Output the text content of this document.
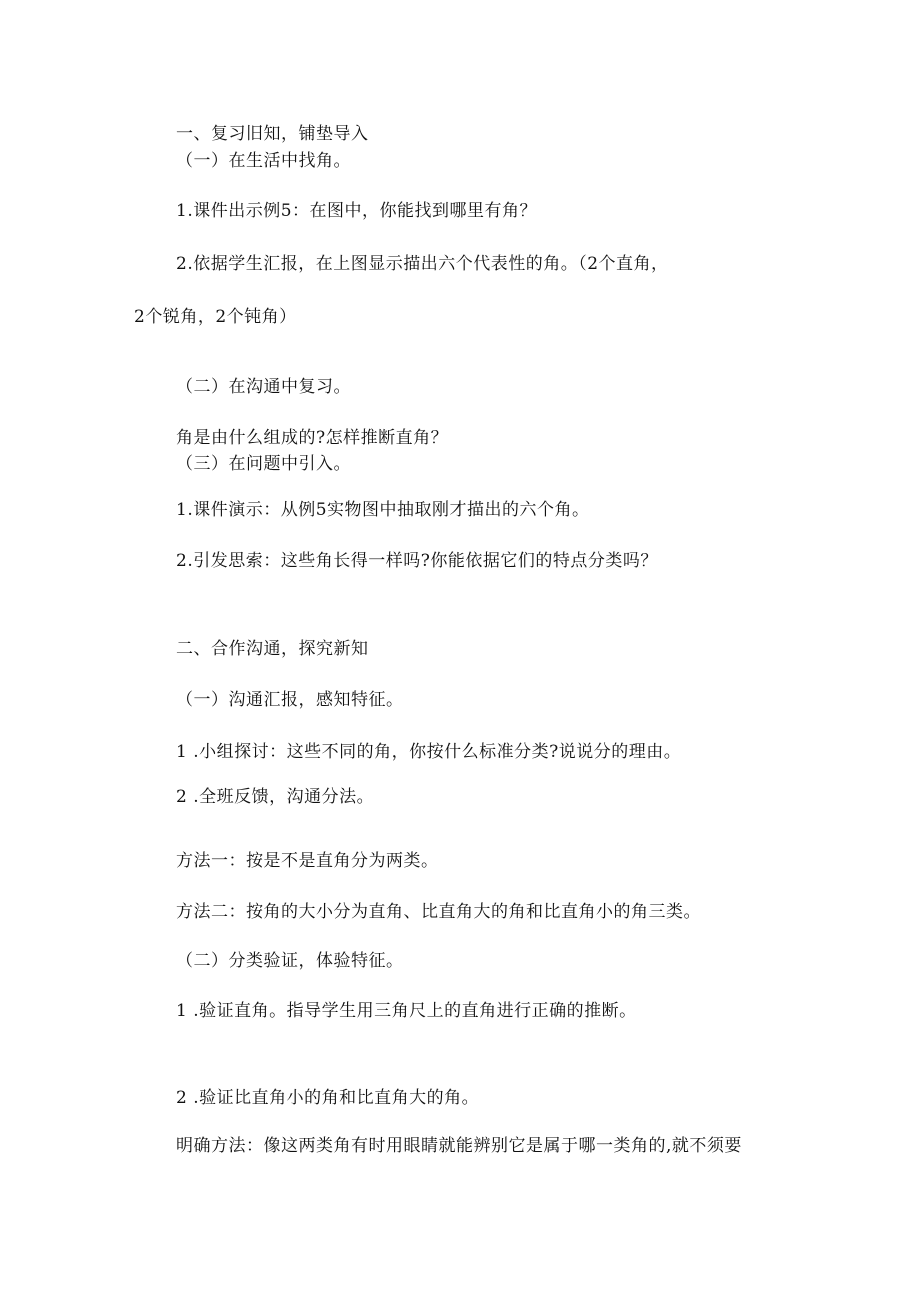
一、复习旧知，铺垫导入
（一）在生活中找角。
1.课件出示例5：在图中，你能找到哪里有角？
2.依据学生汇报，在上图显示描出六个代表性的角。（2个直角，
2个锐角，2个钝角）
（二）在沟通中复习。
角是由什么组成的?怎样推断直角？
（三）在问题中引入。
1.课件演示：从例5实物图中抽取刚才描出的六个角。
2.引发思索：这些角长得一样吗?你能依据它们的特点分类吗？
二、合作沟通，探究新知
（一）沟通汇报，感知特征。
1 .小组探讨：这些不同的角，你按什么标准分类?说说分的理由。
2 .全班反馈，沟通分法。
方法一：按是不是直角分为两类。
方法二：按角的大小分为直角、比直角大的角和比直角小的角三类。
（二）分类验证，体验特征。
1 .验证直角。指导学生用三角尺上的直角进行正确的推断。
2 .验证比直角小的角和比直角大的角。
明确方法：像这两类角有时用眼睛就能辨别它是属于哪一类角的,就不须要
